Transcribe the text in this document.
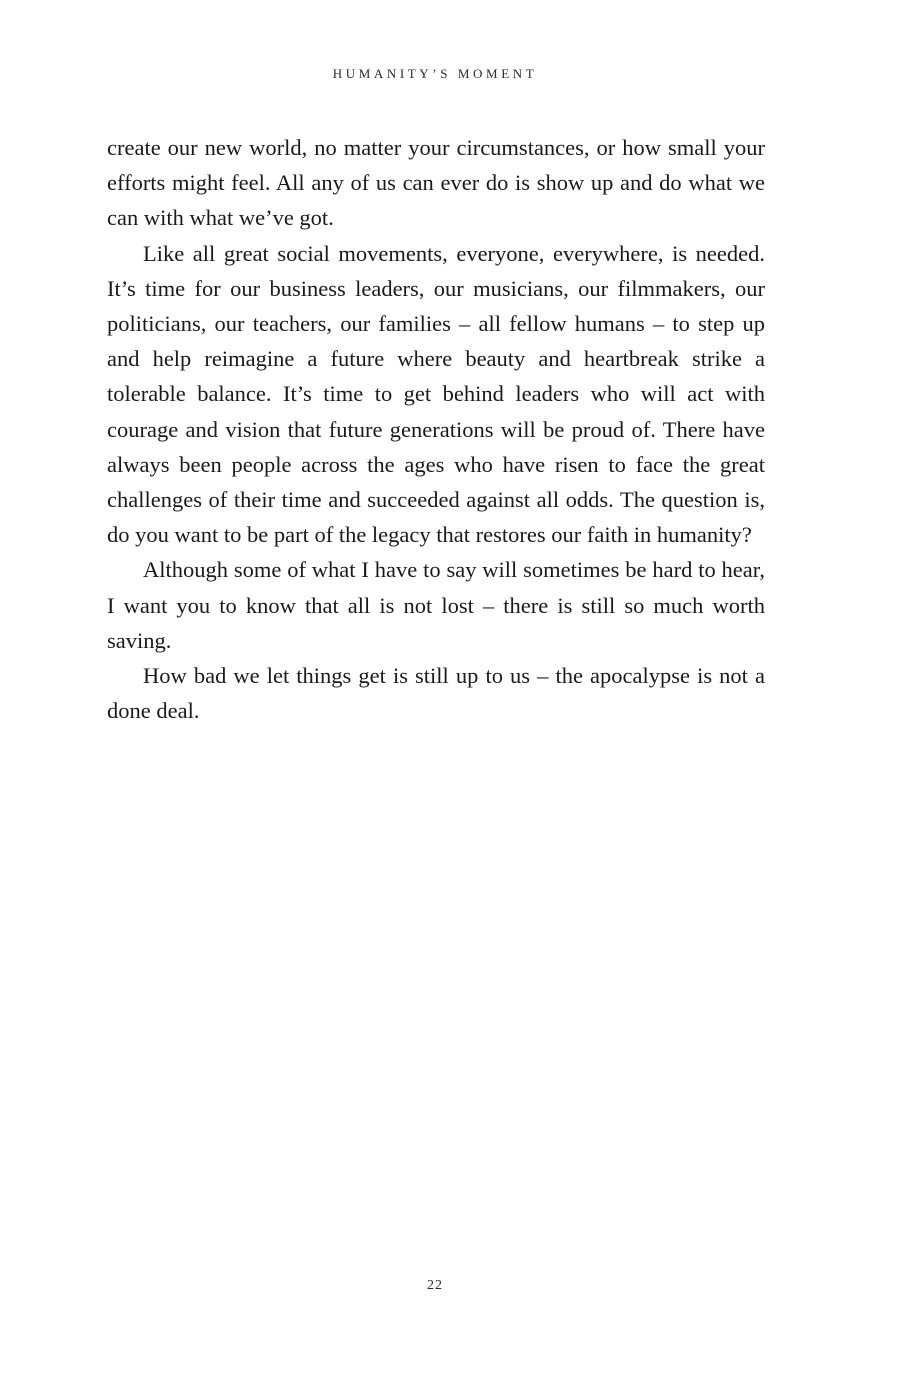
HUMANITY’S MOMENT

create our new world, no matter your circumstances, or how small your efforts might feel. All any of us can ever do is show up and do what we can with what we’ve got.

Like all great social movements, everyone, everywhere, is needed. It’s time for our business leaders, our musicians, our filmmakers, our politicians, our teachers, our families – all fellow humans – to step up and help reimagine a future where beauty and heartbreak strike a tolerable balance. It’s time to get behind leaders who will act with courage and vision that future generations will be proud of. There have always been people across the ages who have risen to face the great challenges of their time and succeeded against all odds. The question is, do you want to be part of the legacy that restores our faith in humanity?

Although some of what I have to say will sometimes be hard to hear, I want you to know that all is not lost – there is still so much worth saving.

How bad we let things get is still up to us – the apocalypse is not a done deal.

22
